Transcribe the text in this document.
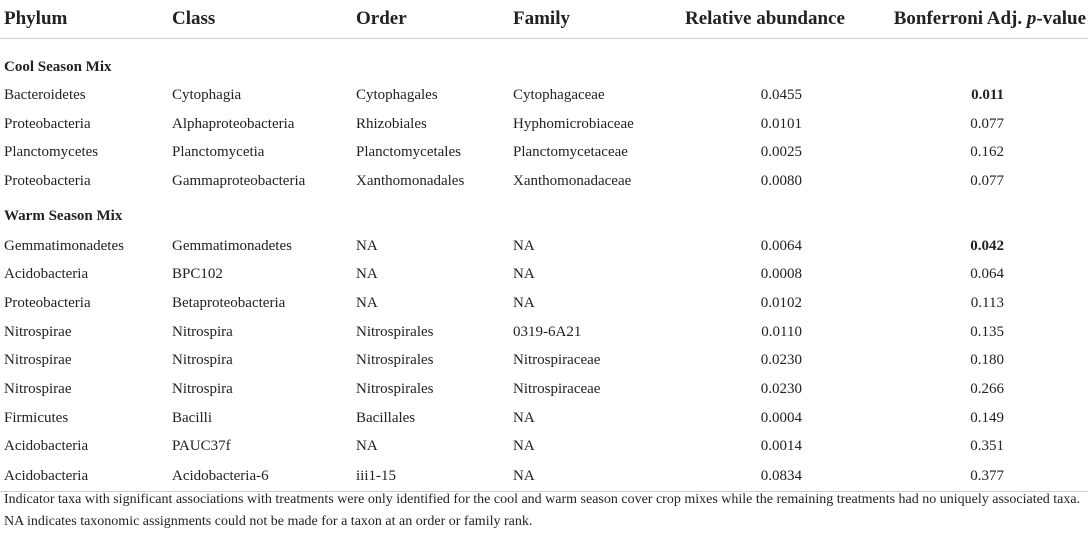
Phylum	Class	Order	Family	Relative abundance	Bonferroni Adj. p-value
Cool Season Mix					
Bacteroidetes	Cytophagia	Cytophagales	Cytophagaceae	0.0455	0.011
Proteobacteria	Alphaproteobacteria	Rhizobiales	Hyphomicrobiaceae	0.0101	0.077
Planctomycetes	Planctomycetia	Planctomycetales	Planctomycetaceae	0.0025	0.162
Proteobacteria	Gammaproteobacteria	Xanthomonadales	Xanthomonadaceae	0.0080	0.077
Warm Season Mix					
Gemmatimonadetes	Gemmatimonadetes	NA	NA	0.0064	0.042
Acidobacteria	BPC102	NA	NA	0.0008	0.064
Proteobacteria	Betaproteobacteria	NA	NA	0.0102	0.113
Nitrospirae	Nitrospira	Nitrospirales	0319-6A21	0.0110	0.135
Nitrospirae	Nitrospira	Nitrospirales	Nitrospiraceae	0.0230	0.180
Nitrospirae	Nitrospira	Nitrospirales	Nitrospiraceae	0.0230	0.266
Firmicutes	Bacilli	Bacillales	NA	0.0004	0.149
Acidobacteria	PAUC37f	NA	NA	0.0014	0.351
Acidobacteria	Acidobacteria-6	iii1-15	NA	0.0834	0.377

Indicator taxa with significant associations with treatments were only identified for the cool and warm season cover crop mixes while the remaining treatments had no uniquely associated taxa.

NA indicates taxonomic assignments could not be made for a taxon at an order or family rank.
